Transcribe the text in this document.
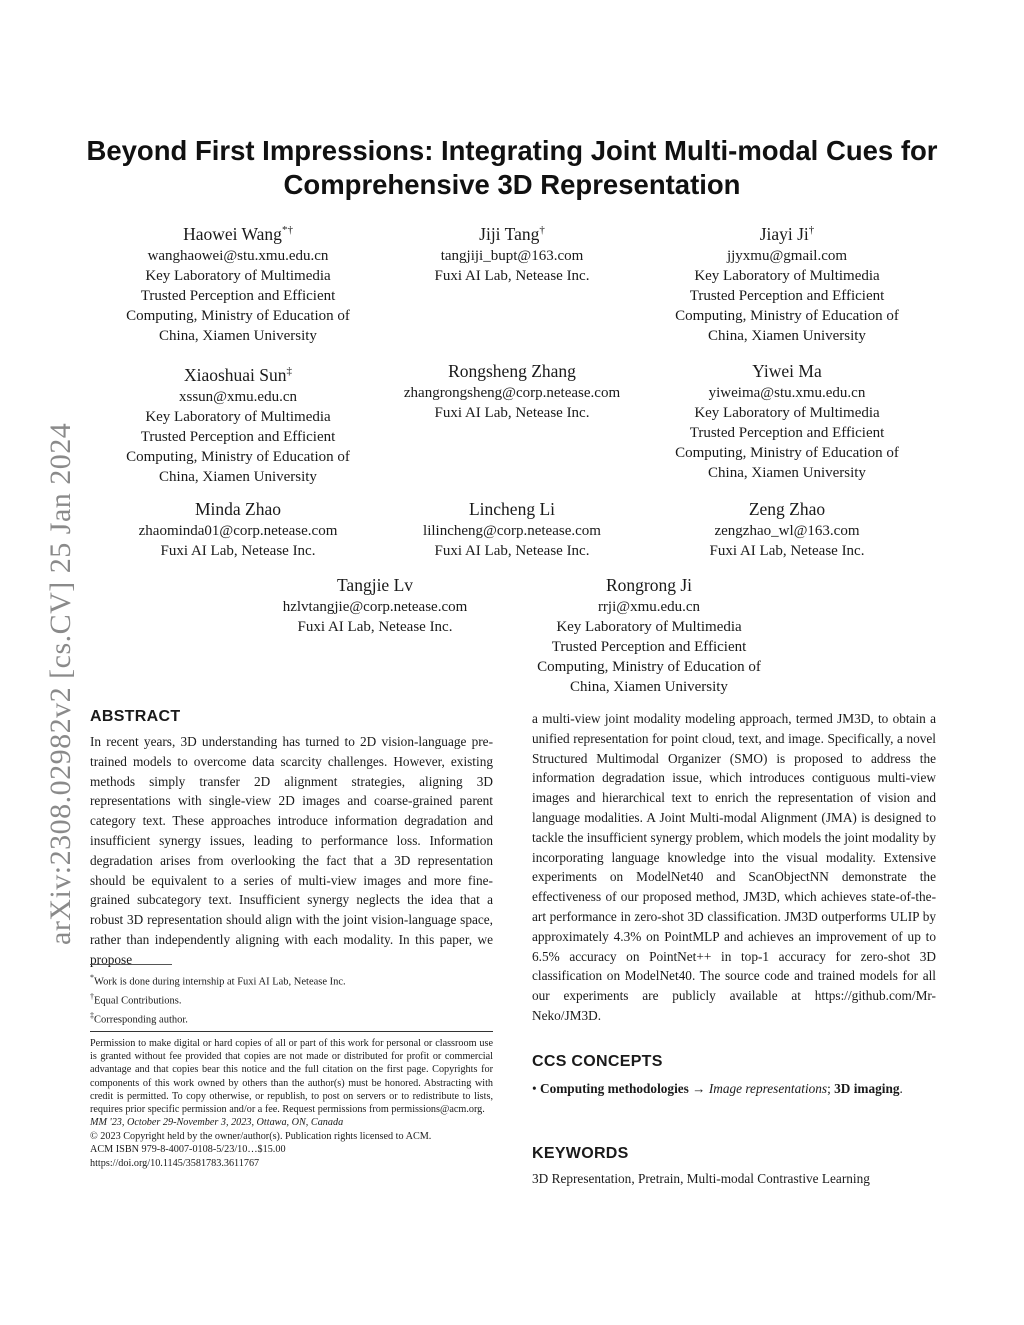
arXiv:2308.02982v2 [cs.CV] 25 Jan 2024
Beyond First Impressions: Integrating Joint Multi-modal Cues for
Comprehensive 3D Representation
Haowei Wang*†
wanghaowei@stu.xmu.edu.cn
Key Laboratory of Multimedia
Trusted Perception and Efficient
Computing, Ministry of Education of
China, Xiamen University
Jiji Tang†
tangjiji_bupt@163.com
Fuxi AI Lab, Netease Inc.
Jiayi Ji†
jjyxmu@gmail.com
Key Laboratory of Multimedia
Trusted Perception and Efficient
Computing, Ministry of Education of
China, Xiamen University
Xiaoshuai Sun‡
xssun@xmu.edu.cn
Key Laboratory of Multimedia
Trusted Perception and Efficient
Computing, Ministry of Education of
China, Xiamen University
Rongsheng Zhang
zhangrongsheng@corp.netease.com
Fuxi AI Lab, Netease Inc.
Yiwei Ma
yiweima@stu.xmu.edu.cn
Key Laboratory of Multimedia
Trusted Perception and Efficient
Computing, Ministry of Education of
China, Xiamen University
Minda Zhao
zhaominda01@corp.netease.com
Fuxi AI Lab, Netease Inc.
Lincheng Li
lilincheng@corp.netease.com
Fuxi AI Lab, Netease Inc.
Zeng Zhao
zengzhao_wl@163.com
Fuxi AI Lab, Netease Inc.
Tangjie Lv
hzlvtangjie@corp.netease.com
Fuxi AI Lab, Netease Inc.
Rongrong Ji
rrji@xmu.edu.cn
Key Laboratory of Multimedia
Trusted Perception and Efficient
Computing, Ministry of Education of
China, Xiamen University
ABSTRACT

In recent years, 3D understanding has turned to 2D vision-language pre-trained models to overcome data scarcity challenges. However, existing methods simply transfer 2D alignment strategies, aligning 3D representations with single-view 2D images and coarse-grained parent category text. These approaches introduce information degradation and insufficient synergy issues, leading to performance loss. Information degradation arises from overlooking the fact that a 3D representation should be equivalent to a series of multi-view images and more fine-grained subcategory text. Insufficient synergy neglects the idea that a robust 3D representation should align with the joint vision-language space, rather than independently aligning with each modality. In this paper, we propose

*Work is done during internship at Fuxi AI Lab, Netease Inc.
†Equal Contributions.
‡Corresponding author.

Permission to make digital or hard copies of all or part of this work for personal or classroom use is granted without fee provided that copies are not made or distributed for profit or commercial advantage and that copies bear this notice and the full citation on the first page. Copyrights for components of this work owned by others than the author(s) must be honored. Abstracting with credit is permitted. To copy otherwise, or republish, to post on servers or to redistribute to lists, requires prior specific permission and/or a fee. Request permissions from permissions@acm.org.

MM '23, October 29-November 3, 2023, Ottawa, ON, Canada
© 2023 Copyright held by the owner/author(s). Publication rights licensed to ACM.
ACM ISBN 979-8-4007-0108-5/23/10…$15.00
https://doi.org/10.1145/3581783.3611767

a multi-view joint modality modeling approach, termed JM3D, to obtain a unified representation for point cloud, text, and image. Specifically, a novel Structured Multimodal Organizer (SMO) is proposed to address the information degradation issue, which introduces contiguous multi-view images and hierarchical text to enrich the representation of vision and language modalities. A Joint Multi-modal Alignment (JMA) is designed to tackle the insufficient synergy problem, which models the joint modality by incorporating language knowledge into the visual modality. Extensive experiments on ModelNet40 and ScanObjectNN demonstrate the effectiveness of our proposed method, JM3D, which achieves state-of-the-art performance in zero-shot 3D classification. JM3D outperforms ULIP by approximately 4.3% on PointMLP and achieves an improvement of up to 6.5% accuracy on PointNet++ in top-1 accuracy for zero-shot 3D classification on ModelNet40. The source code and trained models for all our experiments are publicly available at https://github.com/Mr-Neko/JM3D.

CCS CONCEPTS

• Computing methodologies → Image representations; 3D imaging.

KEYWORDS

3D Representation, Pretrain, Multi-modal Contrastive Learning
